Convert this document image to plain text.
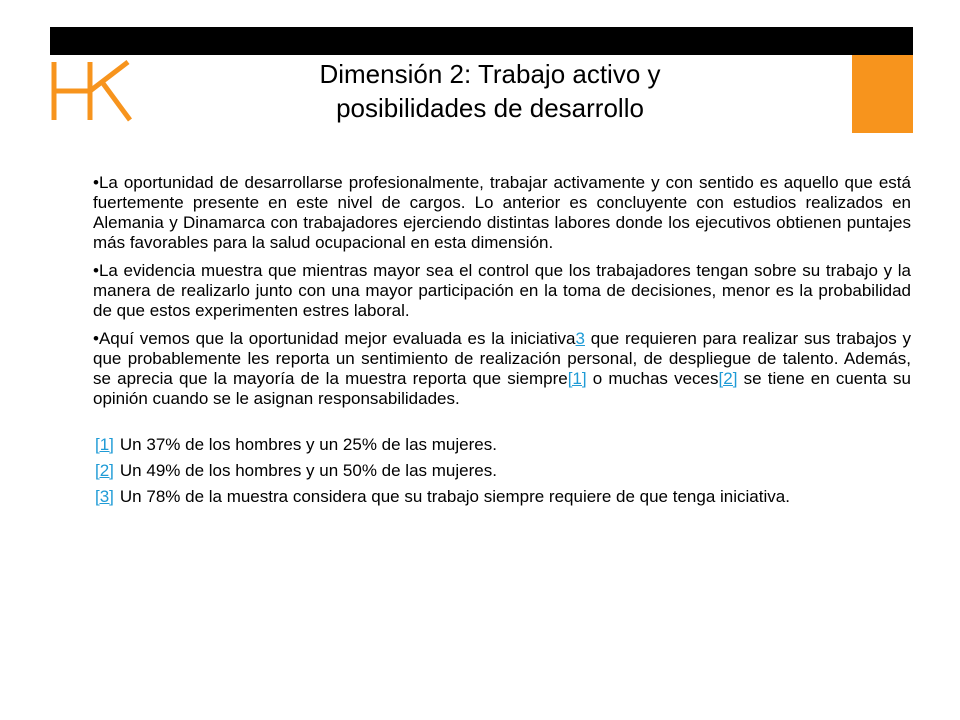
Dimensión 2: Trabajo activo y
posibilidades de desarrollo

•La oportunidad de desarrollarse profesionalmente, trabajar activamente y con sentido es aquello que está fuertemente presente en este nivel de cargos. Lo anterior es concluyente con estudios realizados en Alemania y Dinamarca con trabajadores ejerciendo distintas labores donde los ejecutivos obtienen puntajes más favorables para la salud ocupacional en esta dimensión.

•La evidencia muestra que mientras mayor sea el control que los trabajadores tengan sobre su trabajo y la manera de realizarlo junto con una mayor participación en la toma de decisiones, menor es la probabilidad de que estos experimenten estres laboral.

•Aquí vemos que la oportunidad mejor evaluada es la iniciativa3 que requieren para realizar sus trabajos y que probablemente les reporta un sentimiento de realización personal, de despliegue de talento. Además, se aprecia que la mayoría de la muestra reporta que siempre[1] o muchas veces[2] se tiene en cuenta su opinión cuando se le asignan responsabilidades.

[1] Un 37% de los hombres y un 25% de las mujeres.

[2] Un 49% de los hombres y un 50% de las mujeres.

[3] Un 78% de la muestra considera que su trabajo siempre requiere de que tenga iniciativa.
